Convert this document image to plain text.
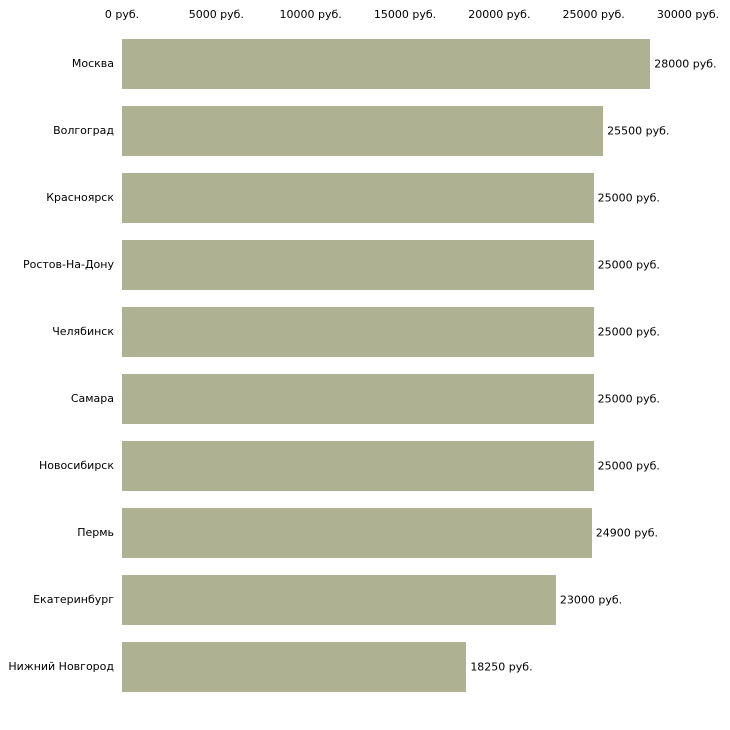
0 руб.	5000 руб.	10000 руб.	15000 руб.	20000 руб.	25000 руб.	30000 руб.
Москва
Волгоград
Красноярск
Ростов-На-Дону
Челябинск
Самара
Новосибирск
Пермь
Екатеринбург
Нижний Новгород
28000 руб.
25500 руб.
25000 руб.
25000 руб.
25000 руб.
25000 руб.
25000 руб.
24900 руб.
23000 руб.
18250 руб.
